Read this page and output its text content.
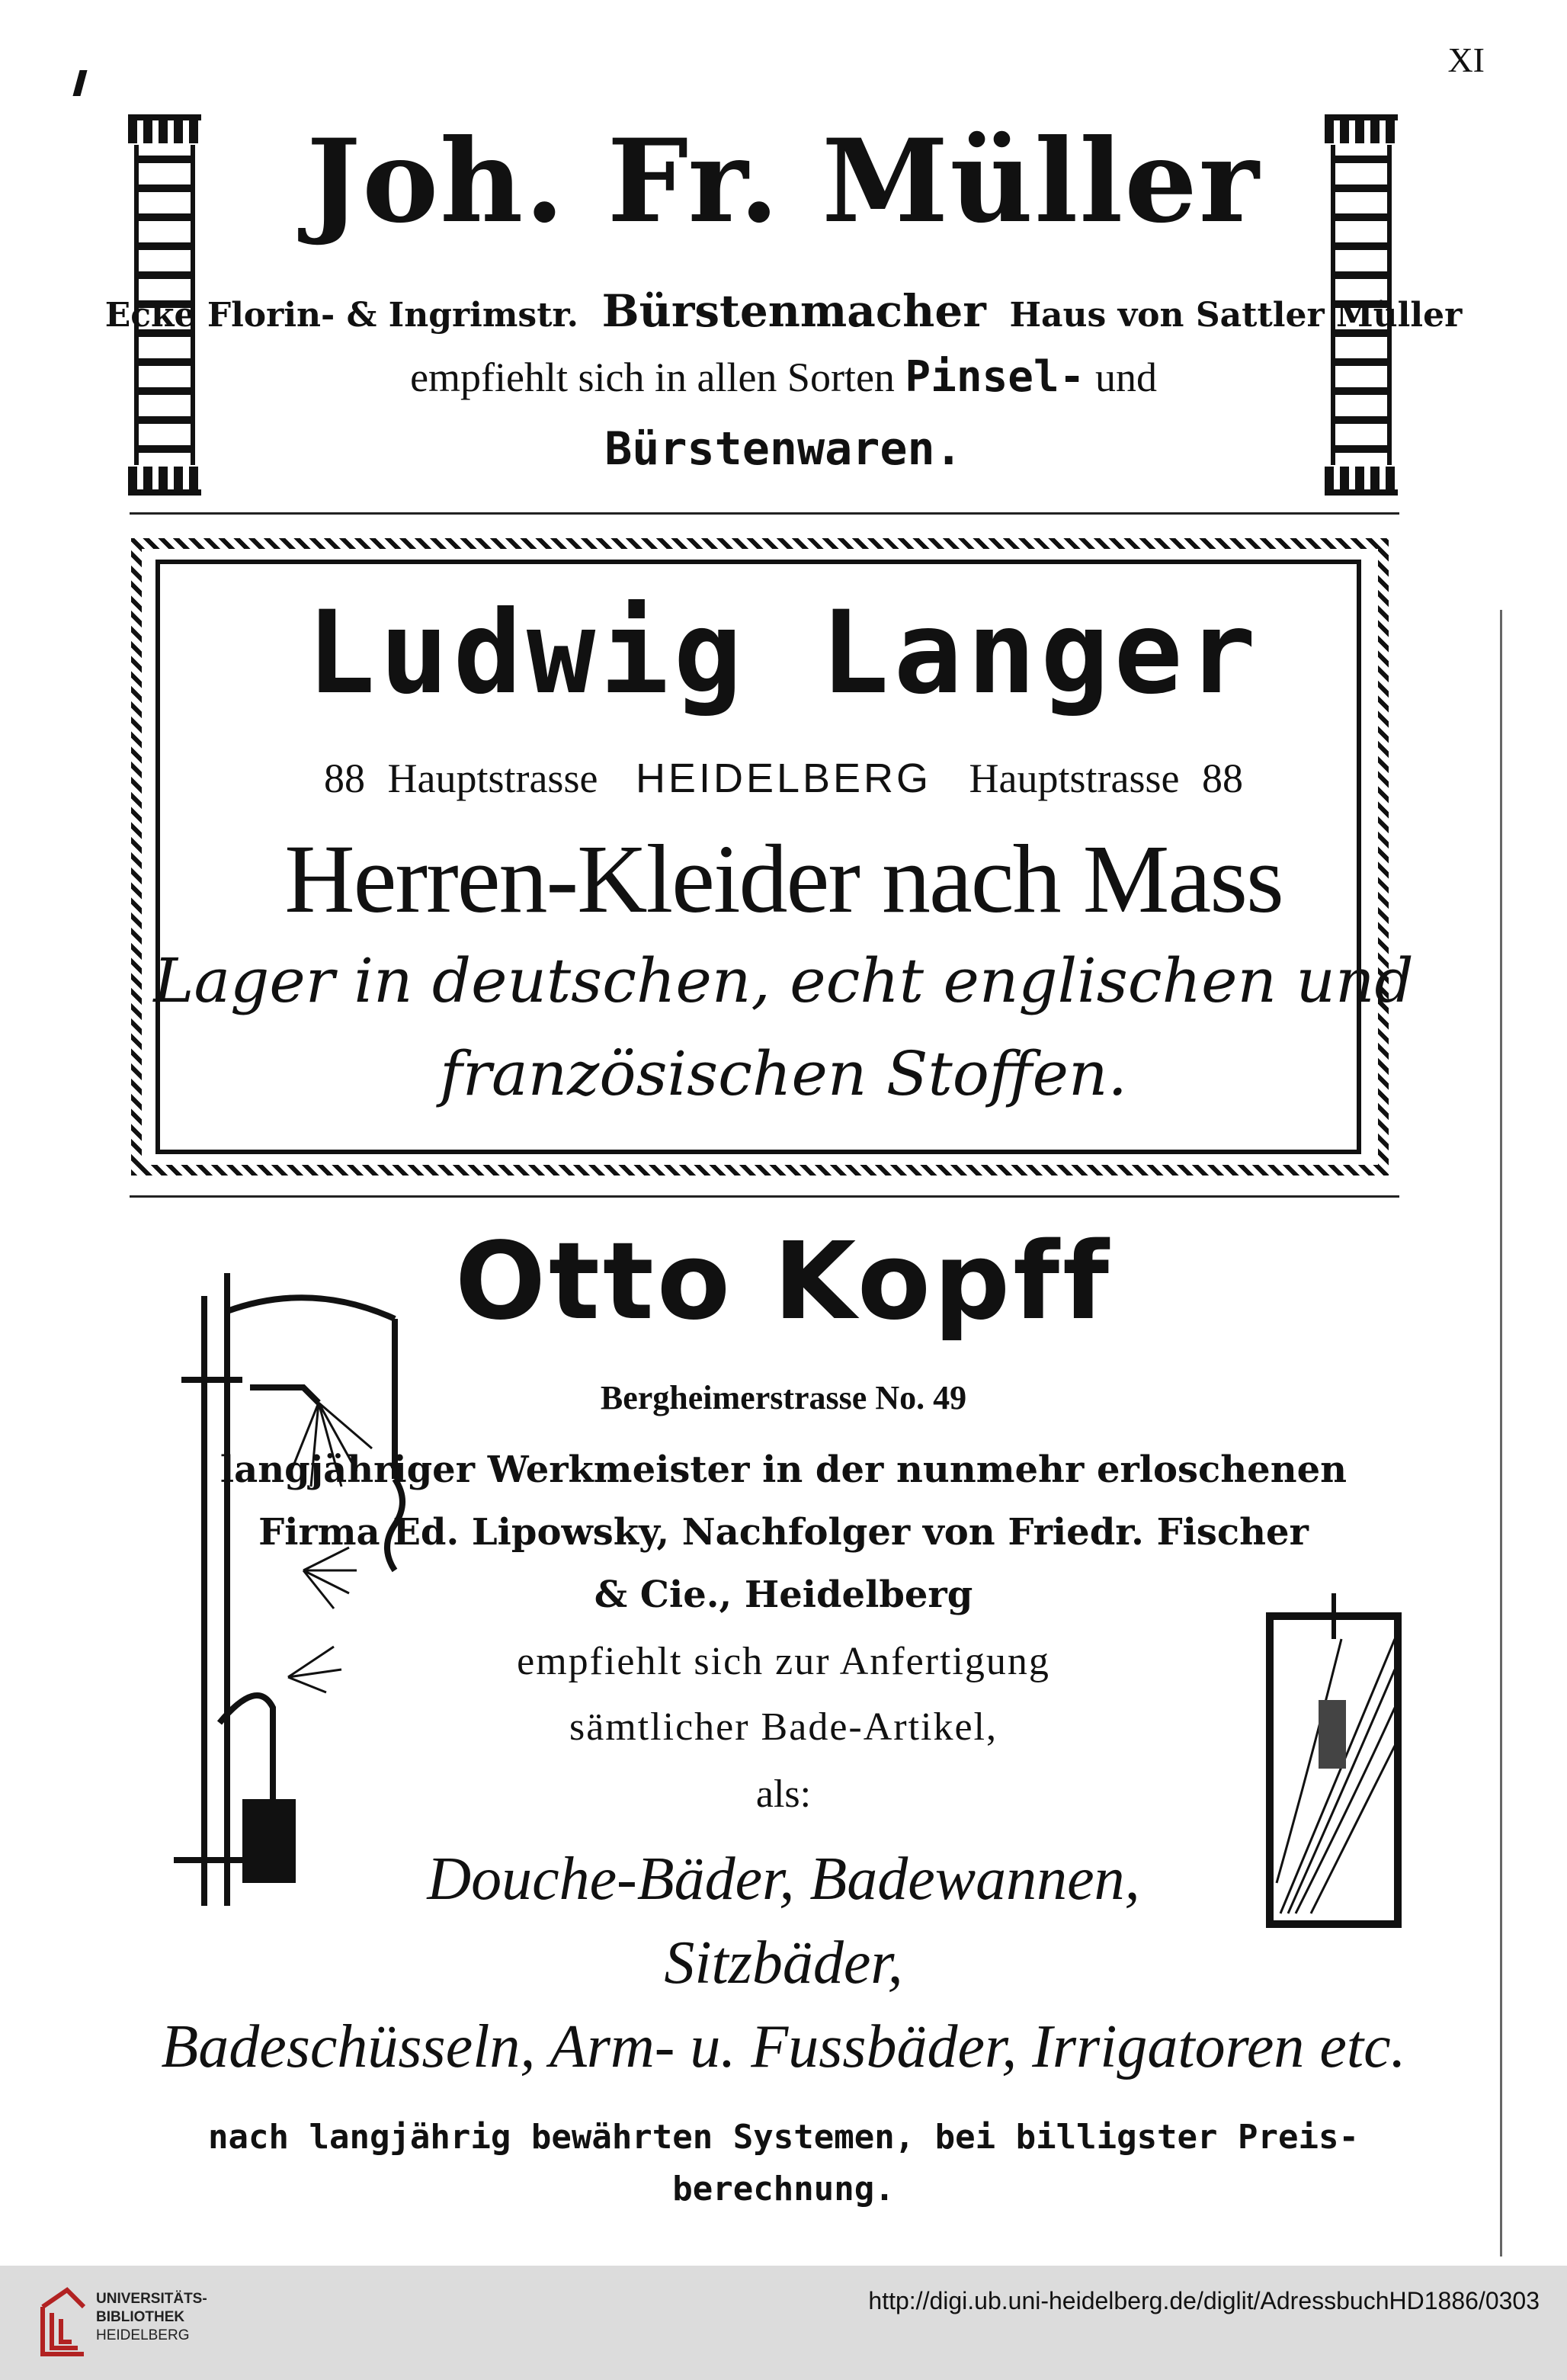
XI
Joh. Fr. Müller
Ecke Florin- & Ingrimstr. Bürstenmacher Haus von Sattler Müller
empfiehlt sich in allen Sorten Pinsel- und
Bürstenwaren.
Ludwig Langer
88 Hauptstrasse HEIDELBERG Hauptstrasse 88
Herren-Kleider nach Mass
Lager in deutschen, echt englischen und
französischen Stoffen.
Otto Kopff
Bergheimerstrasse No. 49
langjähriger Werkmeister in der nunmehr erloschenen
Firma Ed. Lipowsky, Nachfolger von Friedr. Fischer
& Cie., Heidelberg
empfiehlt sich zur Anfertigung
sämtlicher Bade-Artikel,
als:
Douche-Bäder, Badewannen,
Sitzbäder,
Badeschüsseln, Arm- u. Fussbäder, Irrigatoren etc.
nach langjährig bewährten Systemen, bei billigster Preis-
berechnung.
UNIVERSITÄTS-
BIBLIOTHEK
HEIDELBERG
http://digi.ub.uni-heidelberg.de/diglit/AdressbuchHD1886/0303
